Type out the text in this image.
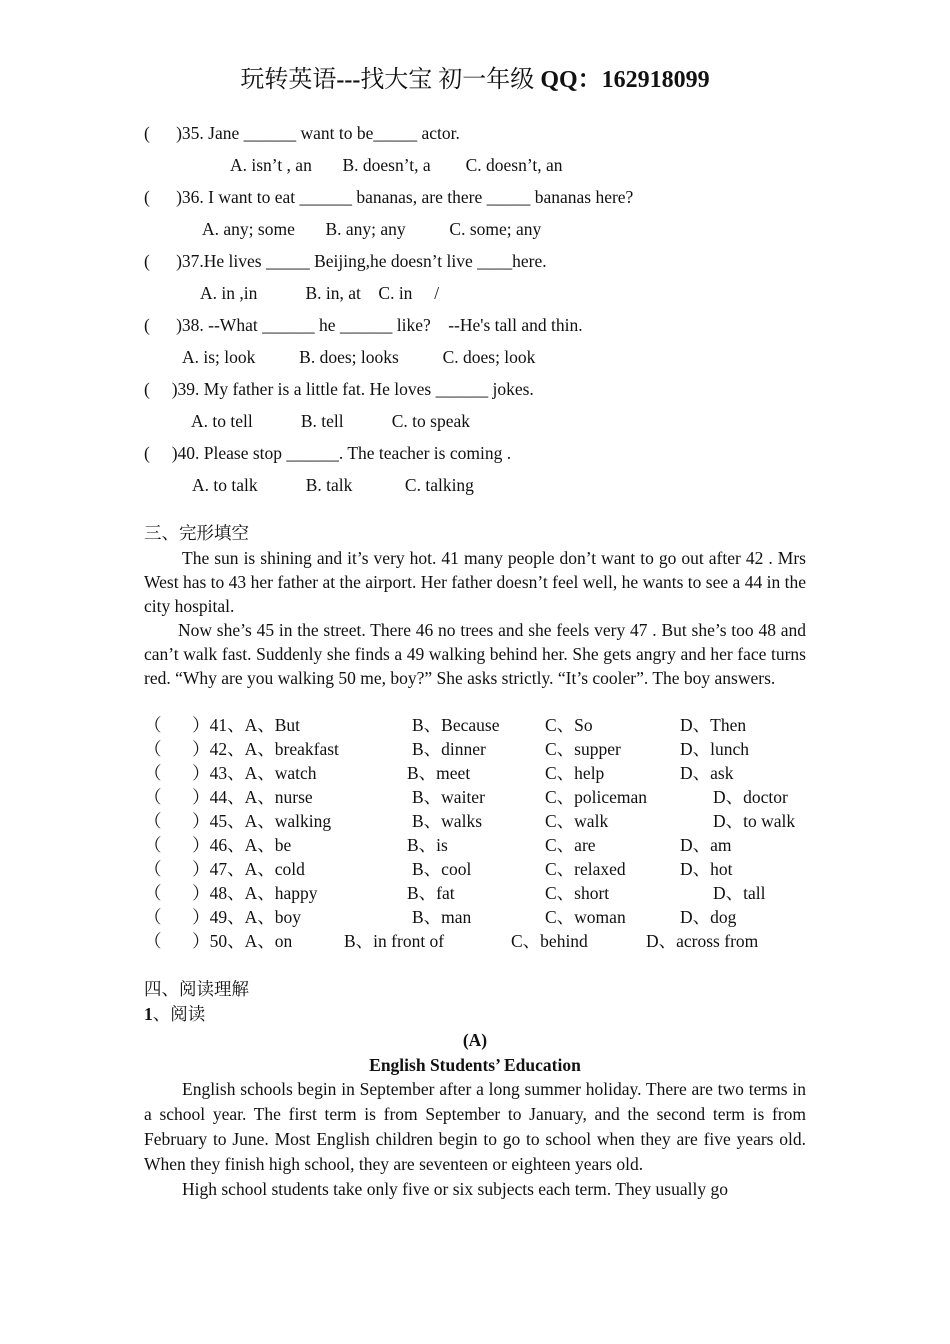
玩转英语---找大宝 初一年级 QQ：162918099
(      )35. Jane ______ want to be_____ actor.
A. isn’t , an       B. doesn’t, a        C. doesn’t, an
(      )36. I want to eat ______ bananas, are there _____ bananas here?
A. any; some       B. any; any          C. some; any
(      )37.He lives _____ Beijing,he doesn’t live ____here.
A. in ,in           B. in, at    C. in     /
(      )38. --What ______ he ______ like?    --He's tall and thin.
A. is; look          B. does; looks          C. does; look
(     )39. My father is a little fat. He loves ______ jokes.
A. to tell           B. tell           C. to speak
(     )40. Please stop ______. The teacher is coming .
A. to talk           B. talk            C. talking
三、完形填空

The sun is shining and it’s very hot. 41 many people don’t want to go out after 42 . Mrs West has to 43 her father at the airport. Her father doesn’t feel well, he wants to see a 44 in the city hospital.

Now she’s 45 in the street. There 46 no trees and she feels very 47 . But she’s too 48 and can’t walk fast. Suddenly she finds a 49 walking behind her. She gets angry and her face turns red. “Why are you walking 50 me, boy?” She asks strictly. “It’s cooler”. The boy answers.

（       ）41、A、But	B、Because	C、So	D、Then
（       ）42、A、breakfast	B、dinner	C、supper	D、lunch
（       ）43、A、watch	B、meet	C、help	D、ask
（       ）44、A、nurse	B、waiter	C、policeman	D、doctor
（       ）45、A、walking	B、walks	C、walk	D、to walk
（       ）46、A、be	B、is	C、are	D、am
（       ）47、A、cold	B、cool	C、relaxed	D、hot
（       ）48、A、happy	B、fat	C、short	D、tall
（       ）49、A、boy	B、man	C、woman	D、dog
（       ）50、A、on	B、in front of	C、behind	D、across from
四、阅读理解
1、阅读
(A)
English Students’ Education

English schools begin in September after a long summer holiday. There are two terms in a school year. The first term is from September to January, and the second term is from February to June. Most English children begin to go to school when they are five years old. When they finish high school, they are seventeen or eighteen years old.

High school students take only five or six subjects each term. They usually go
